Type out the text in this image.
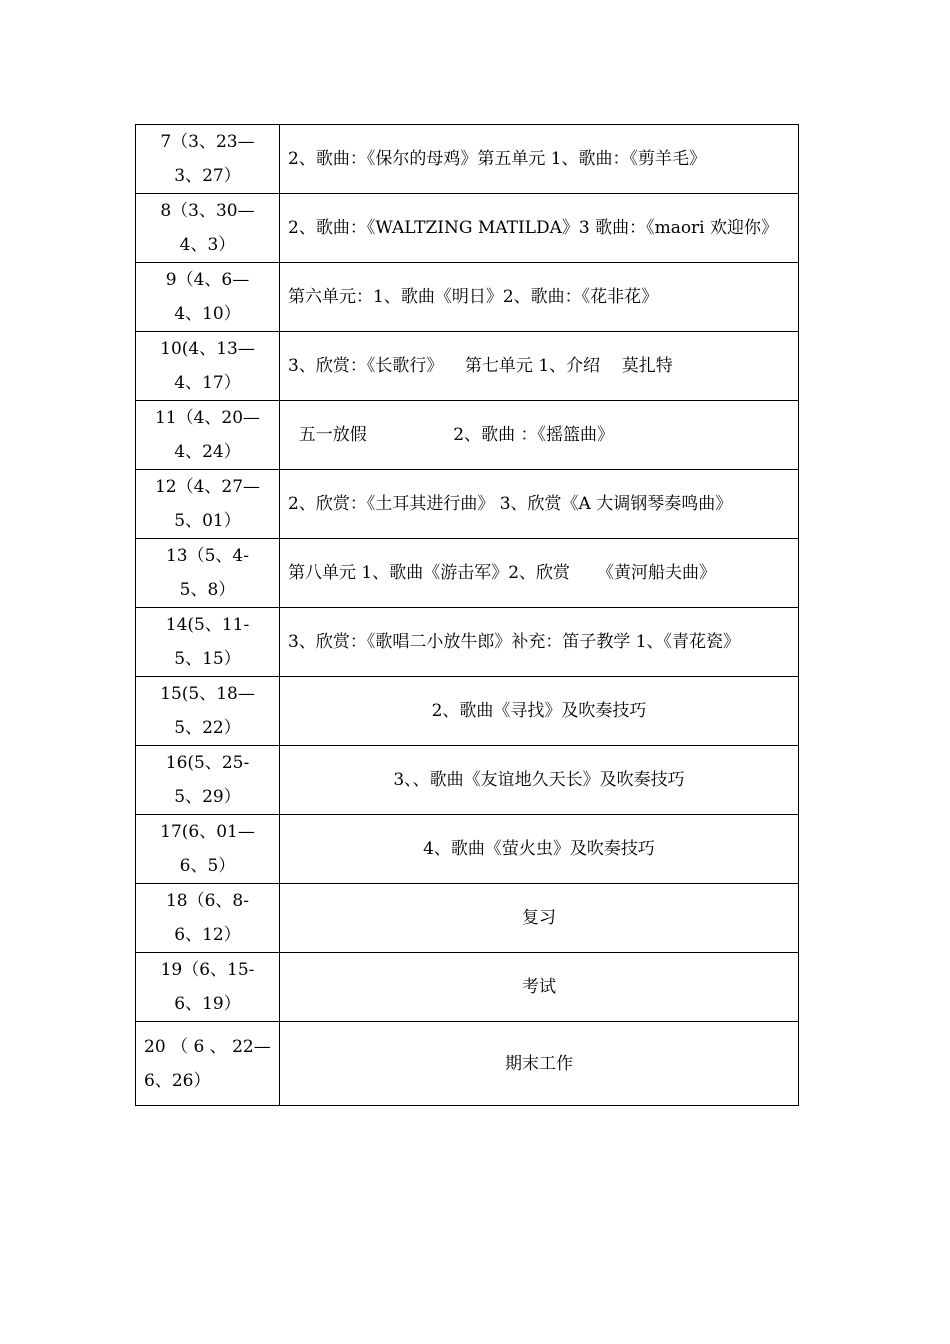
7（3、23—
3、27）	2、歌曲：《保尔的母鸡》第五单元 1、歌曲：《剪羊毛》

8（3、30—
4、3）	2、歌曲：《WALTZING MATILDA》3 歌曲：《maori 欢迎你》

9（4、6—
4、10）	第六单元：1、歌曲《明日》2、歌曲：《花非花》

10(4、13—
4、17）	3、欣赏：《长歌行》    第七单元 1、介绍    莫扎特

11（4、20—
4、24）	五一放假                2、歌曲 ：《摇篮曲》

12（4、27—
5、01）	2、欣赏：《土耳其进行曲》 3、欣赏《A 大调钢琴奏鸣曲》

13（5、4-
5、8）	第八单元 1、歌曲《游击军》2、欣赏     《黄河船夫曲》

14(5、11-
5、15）	3、欣赏：《歌唱二小放牛郎》补充：笛子教学 1、《青花瓷》

15(5、18—
5、22）	2、歌曲《寻找》及吹奏技巧

16(5、25-
5、29）	3、、歌曲《友谊地久天长》及吹奏技巧

17(6、01—
6、5）	4、歌曲《萤火虫》及吹奏技巧

18（6、8-
6、12）	复习

19（6、15-
6、19）	考试

20 （ 6 、 22—
6、26）	期末工作
